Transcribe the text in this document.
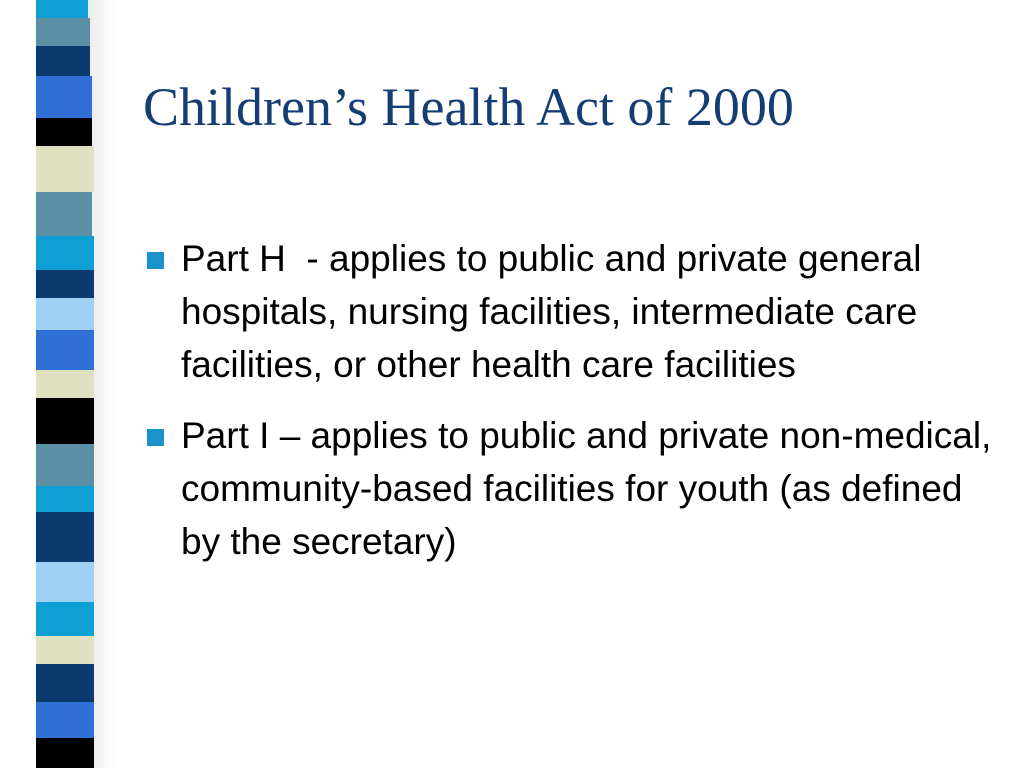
Children’s Health Act of 2000
Part H  - applies to public and private general hospitals, nursing facilities, intermediate care facilities, or other health care facilities
Part I – applies to public and private non-medical, community-based facilities for youth (as defined by the secretary)
